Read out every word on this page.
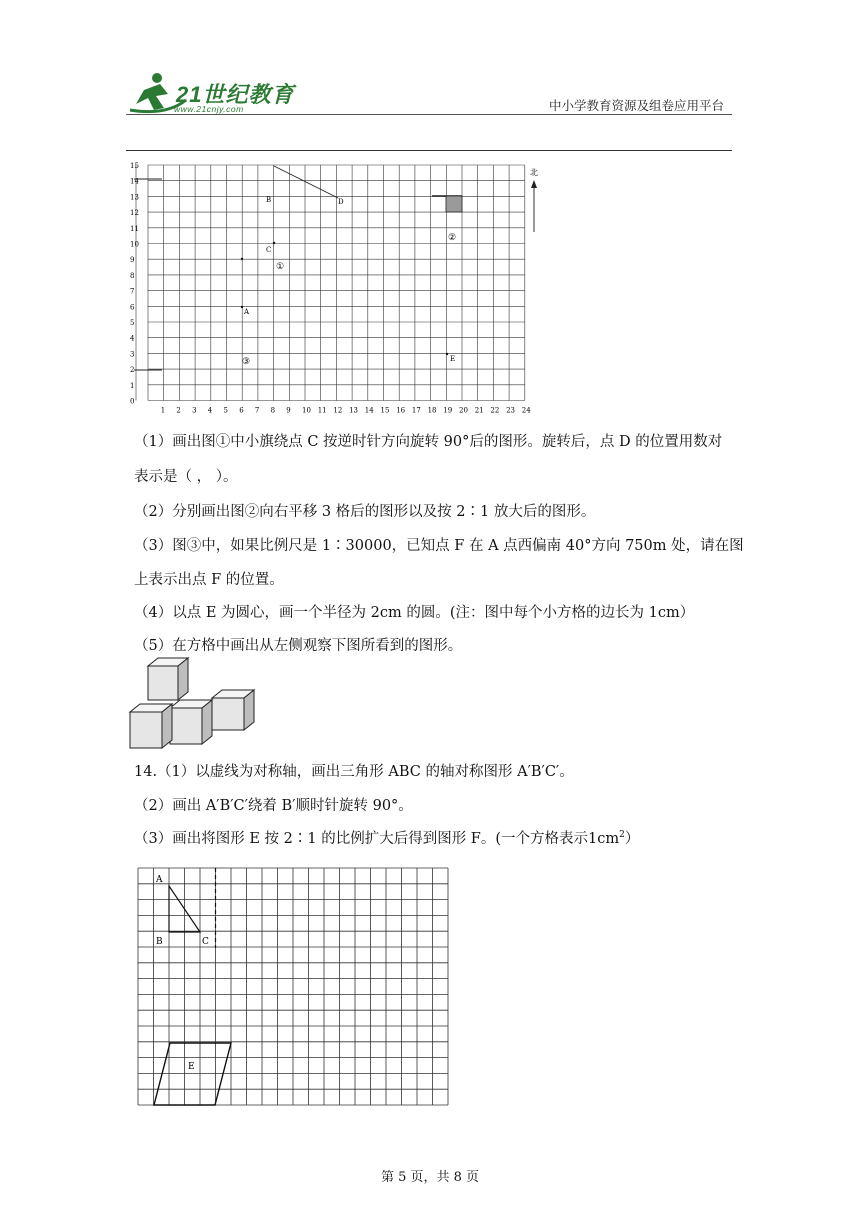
21世纪教育
www.21cnjy.com	中小学教育资源及组卷应用平台
1 2 3 4 5 6 7 8 9 10 11 12 13 14 15 16 17 18 19 20 21 22 23 24
0
1
2
3
4
5
6
7
8
9
10
11
12
13
14
15
B	D
C
A
E
①
②
③
北
（1）画出图①中小旗绕点 C 按逆时针方向旋转 90°后的图形。旋转后，点 D 的位置用数对
表示是（ ， ）。
（2）分别画出图②向右平移 3 格后的图形以及按 2∶1 放大后的图形。
（3）图③中，如果比例尺是 1∶30000，已知点 F 在 A 点西偏南 40°方向 750m 处，请在图
上表示出点 F 的位置。
（4）以点 E 为圆心，画一个半径为 2cm 的圆。(注：图中每个小方格的边长为 1cm）
（5）在方格中画出从左侧观察下图所看到的图形。
14.（1）以虚线为对称轴，画出三角形 ABC 的轴对称图形 A′B′C′。
（2）画出 A′B′C′绕着 B′顺时针旋转 90°。
（3）画出将图形 E 按 2∶1 的比例扩大后得到图形 F。(一个方格表示$1cm^2$）
A
B	C
E
第 5 页，共 8 页
